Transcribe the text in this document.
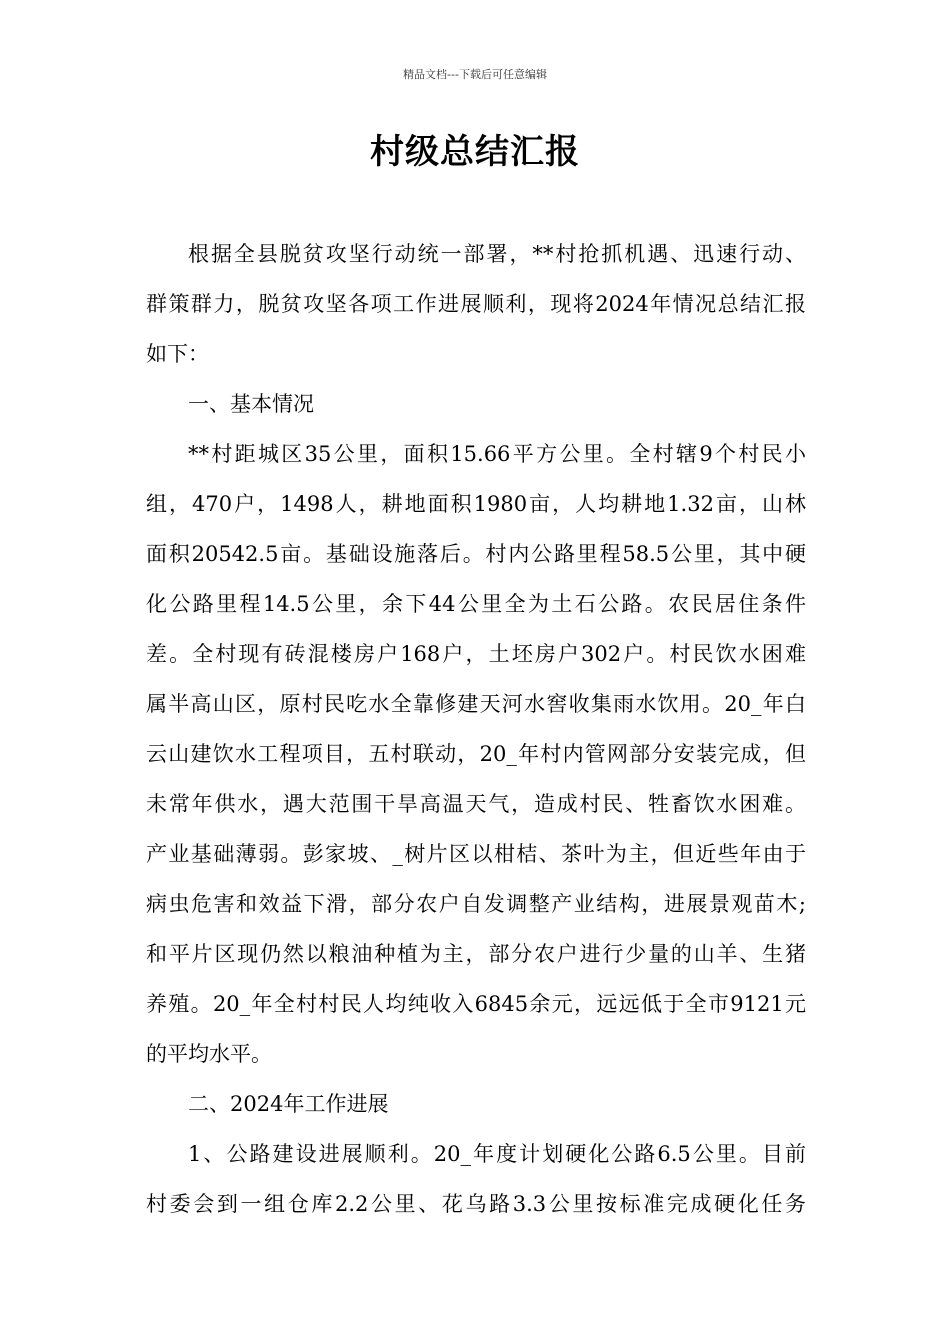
精品文档---下载后可任意编辑
村级总结汇报
根据全县脱贫攻坚行动统一部署，**村抢抓机遇、迅速行动、
群策群力，脱贫攻坚各项工作进展顺利，现将2024年情况总结汇报
如下：
一、基本情况
**村距城区35公里，面积15.66平方公里。全村辖9个村民小
组，470户，1498人，耕地面积1980亩，人均耕地1.32亩，山林
面积20542.5亩。基础设施落后。村内公路里程58.5公里，其中硬
化公路里程14.5公里，余下44公里全为土石公路。农民居住条件
差。全村现有砖混楼房户168户，土坯房户302户。村民饮水困难
属半高山区，原村民吃水全靠修建天河水窖收集雨水饮用。20_年白
云山建饮水工程项目，五村联动，20_年村内管网部分安装完成，但
未常年供水，遇大范围干旱高温天气，造成村民、牲畜饮水困难。
产业基础薄弱。彭家坡、_树片区以柑桔、茶叶为主，但近些年由于
病虫危害和效益下滑，部分农户自发调整产业结构，进展景观苗木;
和平片区现仍然以粮油种植为主，部分农户进行少量的山羊、生猪
养殖。20_年全村村民人均纯收入6845余元，远远低于全市9121元
的平均水平。
二、2024年工作进展
1、公路建设进展顺利。20_年度计划硬化公路6.5公里。目前
村委会到一组仓库2.2公里、花乌路3.3公里按标准完成硬化任务
